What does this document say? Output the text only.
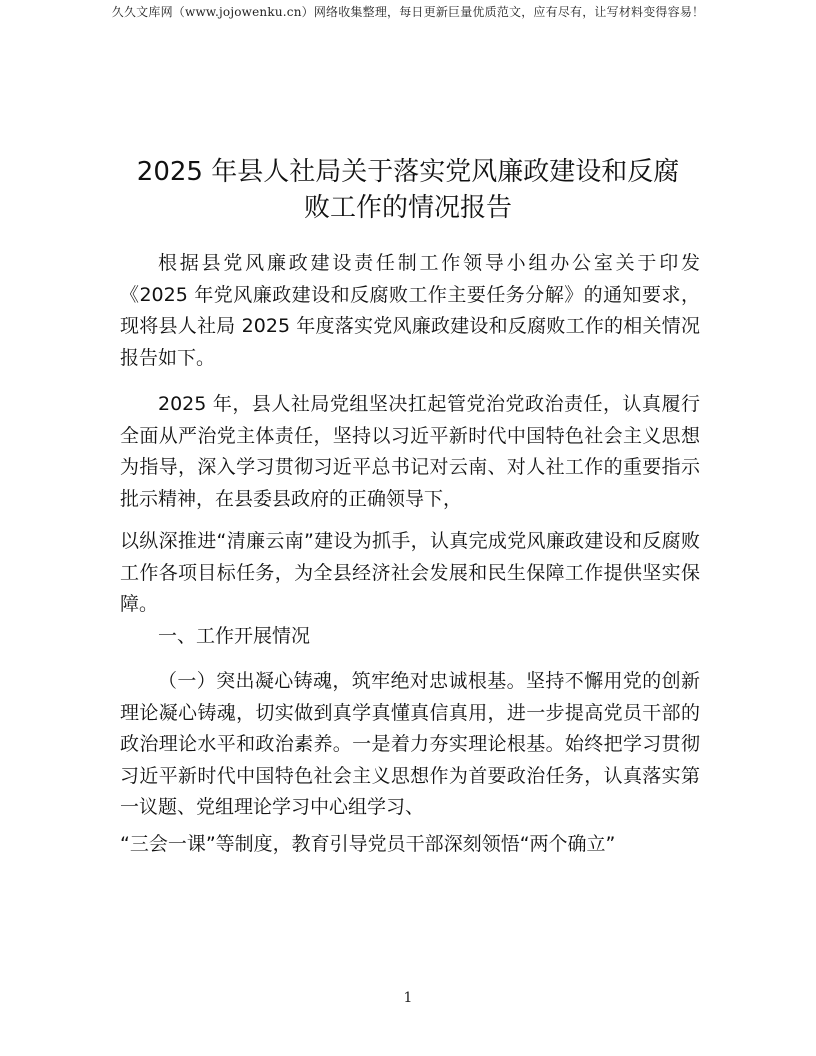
久久文库网（www.jojowenku.cn）网络收集整理，每日更新巨量优质范文，应有尽有，让写材料变得容易！
2025 年县人社局关于落实党风廉政建设和反腐
败工作的情况报告

根据县党风廉政建设责任制工作领导小组办公室关于印发《2025 年党风廉政建设和反腐败工作主要任务分解》的通知要求，现将县人社局 2025 年度落实党风廉政建设和反腐败工作的相关情况报告如下。

2025 年，县人社局党组坚决扛起管党治党政治责任，认真履行全面从严治党主体责任，坚持以习近平新时代中国特色社会主义思想为指导，深入学习贯彻习近平总书记对云南、对人社工作的重要指示批示精神，在县委县政府的正确领导下，

以纵深推进“清廉云南”建设为抓手，认真完成党风廉政建设和反腐败工作各项目标任务，为全县经济社会发展和民生保障工作提供坚实保障。

一、工作开展情况

（一）突出凝心铸魂，筑牢绝对忠诚根基。坚持不懈用党的创新理论凝心铸魂，切实做到真学真懂真信真用，进一步提高党员干部的政治理论水平和政治素养。一是着力夯实理论根基。始终把学习贯彻习近平新时代中国特色社会主义思想作为首要政治任务，认真落实第一议题、党组理论学习中心组学习、

“三会一课”等制度，教育引导党员干部深刻领悟“两个确立”

1
